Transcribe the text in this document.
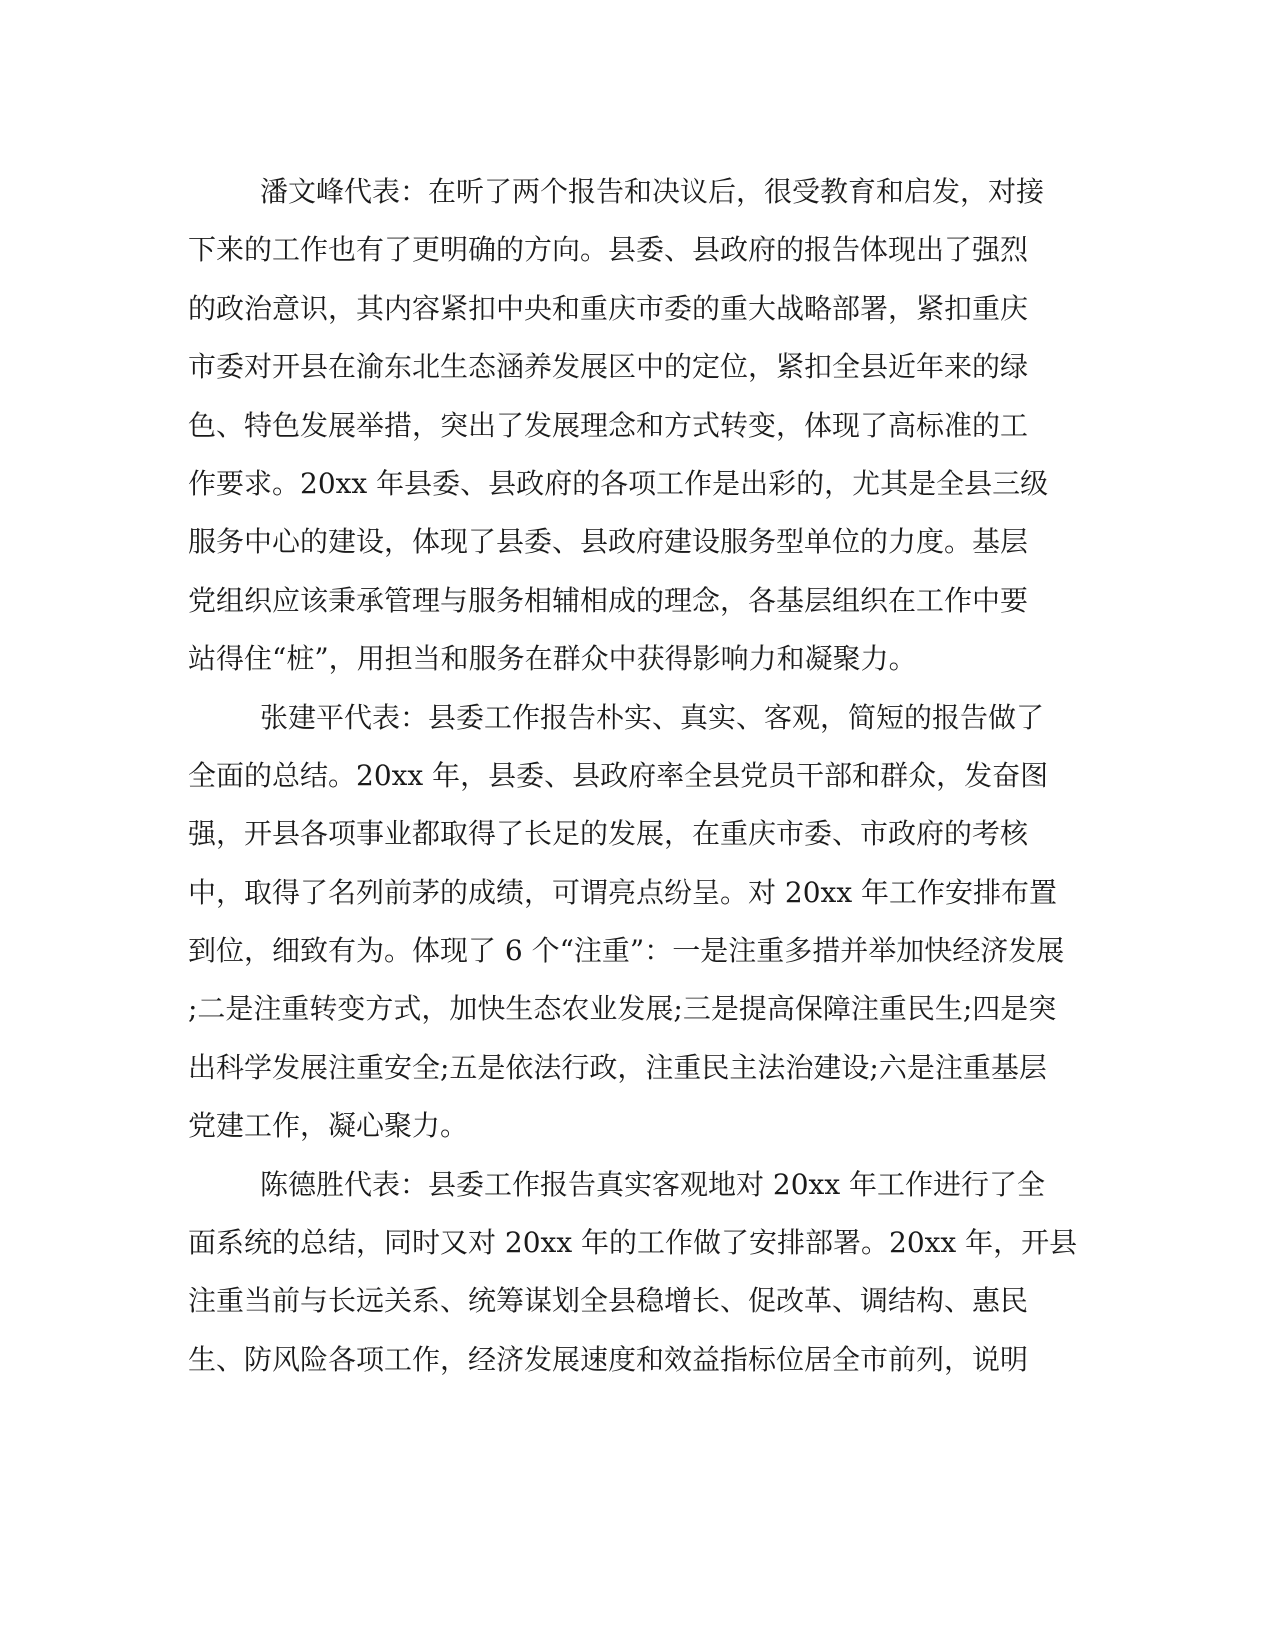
潘文峰代表：在听了两个报告和决议后，很受教育和启发，对接
下来的工作也有了更明确的方向。县委、县政府的报告体现出了强烈
的政治意识，其内容紧扣中央和重庆市委的重大战略部署，紧扣重庆
市委对开县在渝东北生态涵养发展区中的定位，紧扣全县近年来的绿
色、特色发展举措，突出了发展理念和方式转变，体现了高标准的工
作要求。20xx 年县委、县政府的各项工作是出彩的，尤其是全县三级
服务中心的建设，体现了县委、县政府建设服务型单位的力度。基层
党组织应该秉承管理与服务相辅相成的理念，各基层组织在工作中要
站得住“桩”，用担当和服务在群众中获得影响力和凝聚力。
张建平代表：县委工作报告朴实、真实、客观，简短的报告做了
全面的总结。20xx 年，县委、县政府率全县党员干部和群众，发奋图
强，开县各项事业都取得了长足的发展，在重庆市委、市政府的考核
中，取得了名列前茅的成绩，可谓亮点纷呈。对 20xx 年工作安排布置
到位，细致有为。体现了 6 个“注重”：一是注重多措并举加快经济发展
;二是注重转变方式，加快生态农业发展;三是提高保障注重民生;四是突
出科学发展注重安全;五是依法行政，注重民主法治建设;六是注重基层
党建工作，凝心聚力。
陈德胜代表：县委工作报告真实客观地对 20xx 年工作进行了全
面系统的总结，同时又对 20xx 年的工作做了安排部署。20xx 年，开县
注重当前与长远关系、统筹谋划全县稳增长、促改革、调结构、惠民
生、防风险各项工作，经济发展速度和效益指标位居全市前列，说明
